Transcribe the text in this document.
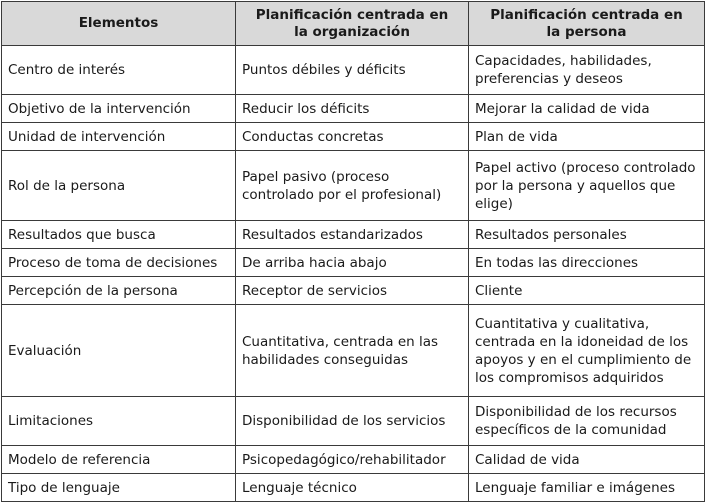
Elementos	Planificación centrada en la organización	Planificación centrada en la persona
Centro de interés	Puntos débiles y déficits	Capacidades, habilidades, preferencias y deseos
Objetivo de la intervención	Reducir los déficits	Mejorar la calidad de vida
Unidad de intervención	Conductas concretas	Plan de vida
Rol de la persona	Papel pasivo (proceso controlado por el profesional)	Papel activo (proceso controlado por la persona y aquellos que elige)
Resultados que busca	Resultados estandarizados	Resultados personales
Proceso de toma de decisiones	De arriba hacia abajo	En todas las direcciones
Percepción de la persona	Receptor de servicios	Cliente
Evaluación	Cuantitativa, centrada en las habilidades conseguidas	Cuantitativa y cualitativa, centrada en la idoneidad de los apoyos y en el cumplimiento de los compromisos adquiridos
Limitaciones	Disponibilidad de los servicios	Disponibilidad de los recursos específicos de la comunidad
Modelo de referencia	Psicopedagógico/rehabilitador	Calidad de vida
Tipo de lenguaje	Lenguaje técnico	Lenguaje familiar e imágenes
